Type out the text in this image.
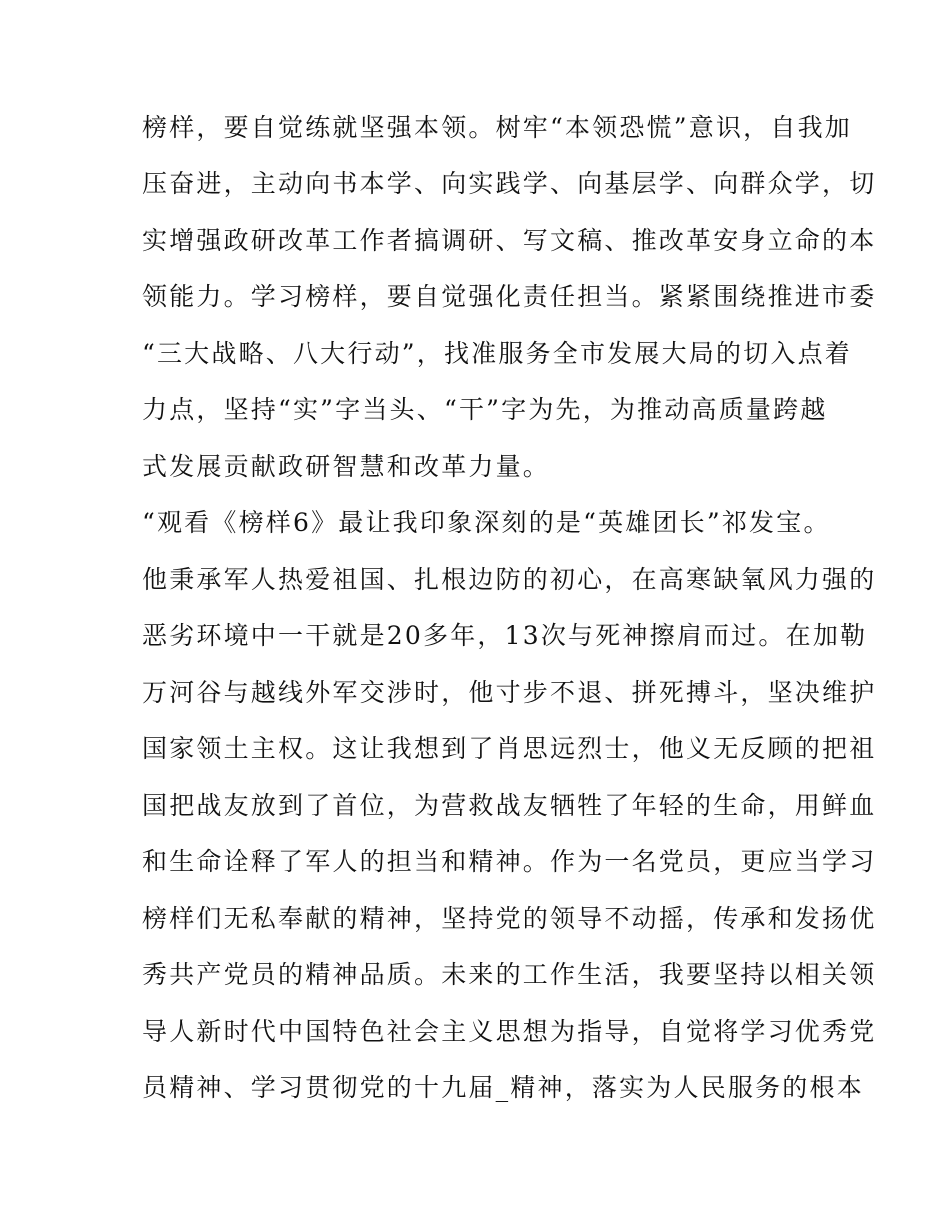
榜样，要自觉练就坚强本领。树牢“本领恐慌”意识，自我加

压奋进，主动向书本学、向实践学、向基层学、向群众学，切

实增强政研改革工作者搞调研、写文稿、推改革安身立命的本

领能力。学习榜样，要自觉强化责任担当。紧紧围绕推进市委

“三大战略、八大行动”，找准服务全市发展大局的切入点着

力点，坚持“实”字当头、“干”字为先，为推动高质量跨越

式发展贡献政研智慧和改革力量。

“观看《榜样6》最让我印象深刻的是“英雄团长”祁发宝。

他秉承军人热爱祖国、扎根边防的初心，在高寒缺氧风力强的

恶劣环境中一干就是20多年，13次与死神擦肩而过。在加勒

万河谷与越线外军交涉时，他寸步不退、拼死搏斗，坚决维护

国家领土主权。这让我想到了肖思远烈士，他义无反顾的把祖

国把战友放到了首位，为营救战友牺牲了年轻的生命，用鲜血

和生命诠释了军人的担当和精神。作为一名党员，更应当学习

榜样们无私奉献的精神，坚持党的领导不动摇，传承和发扬优

秀共产党员的精神品质。未来的工作生活，我要坚持以相关领

导人新时代中国特色社会主义思想为指导，自觉将学习优秀党

员精神、学习贯彻党的十九届_精神，落实为人民服务的根本
